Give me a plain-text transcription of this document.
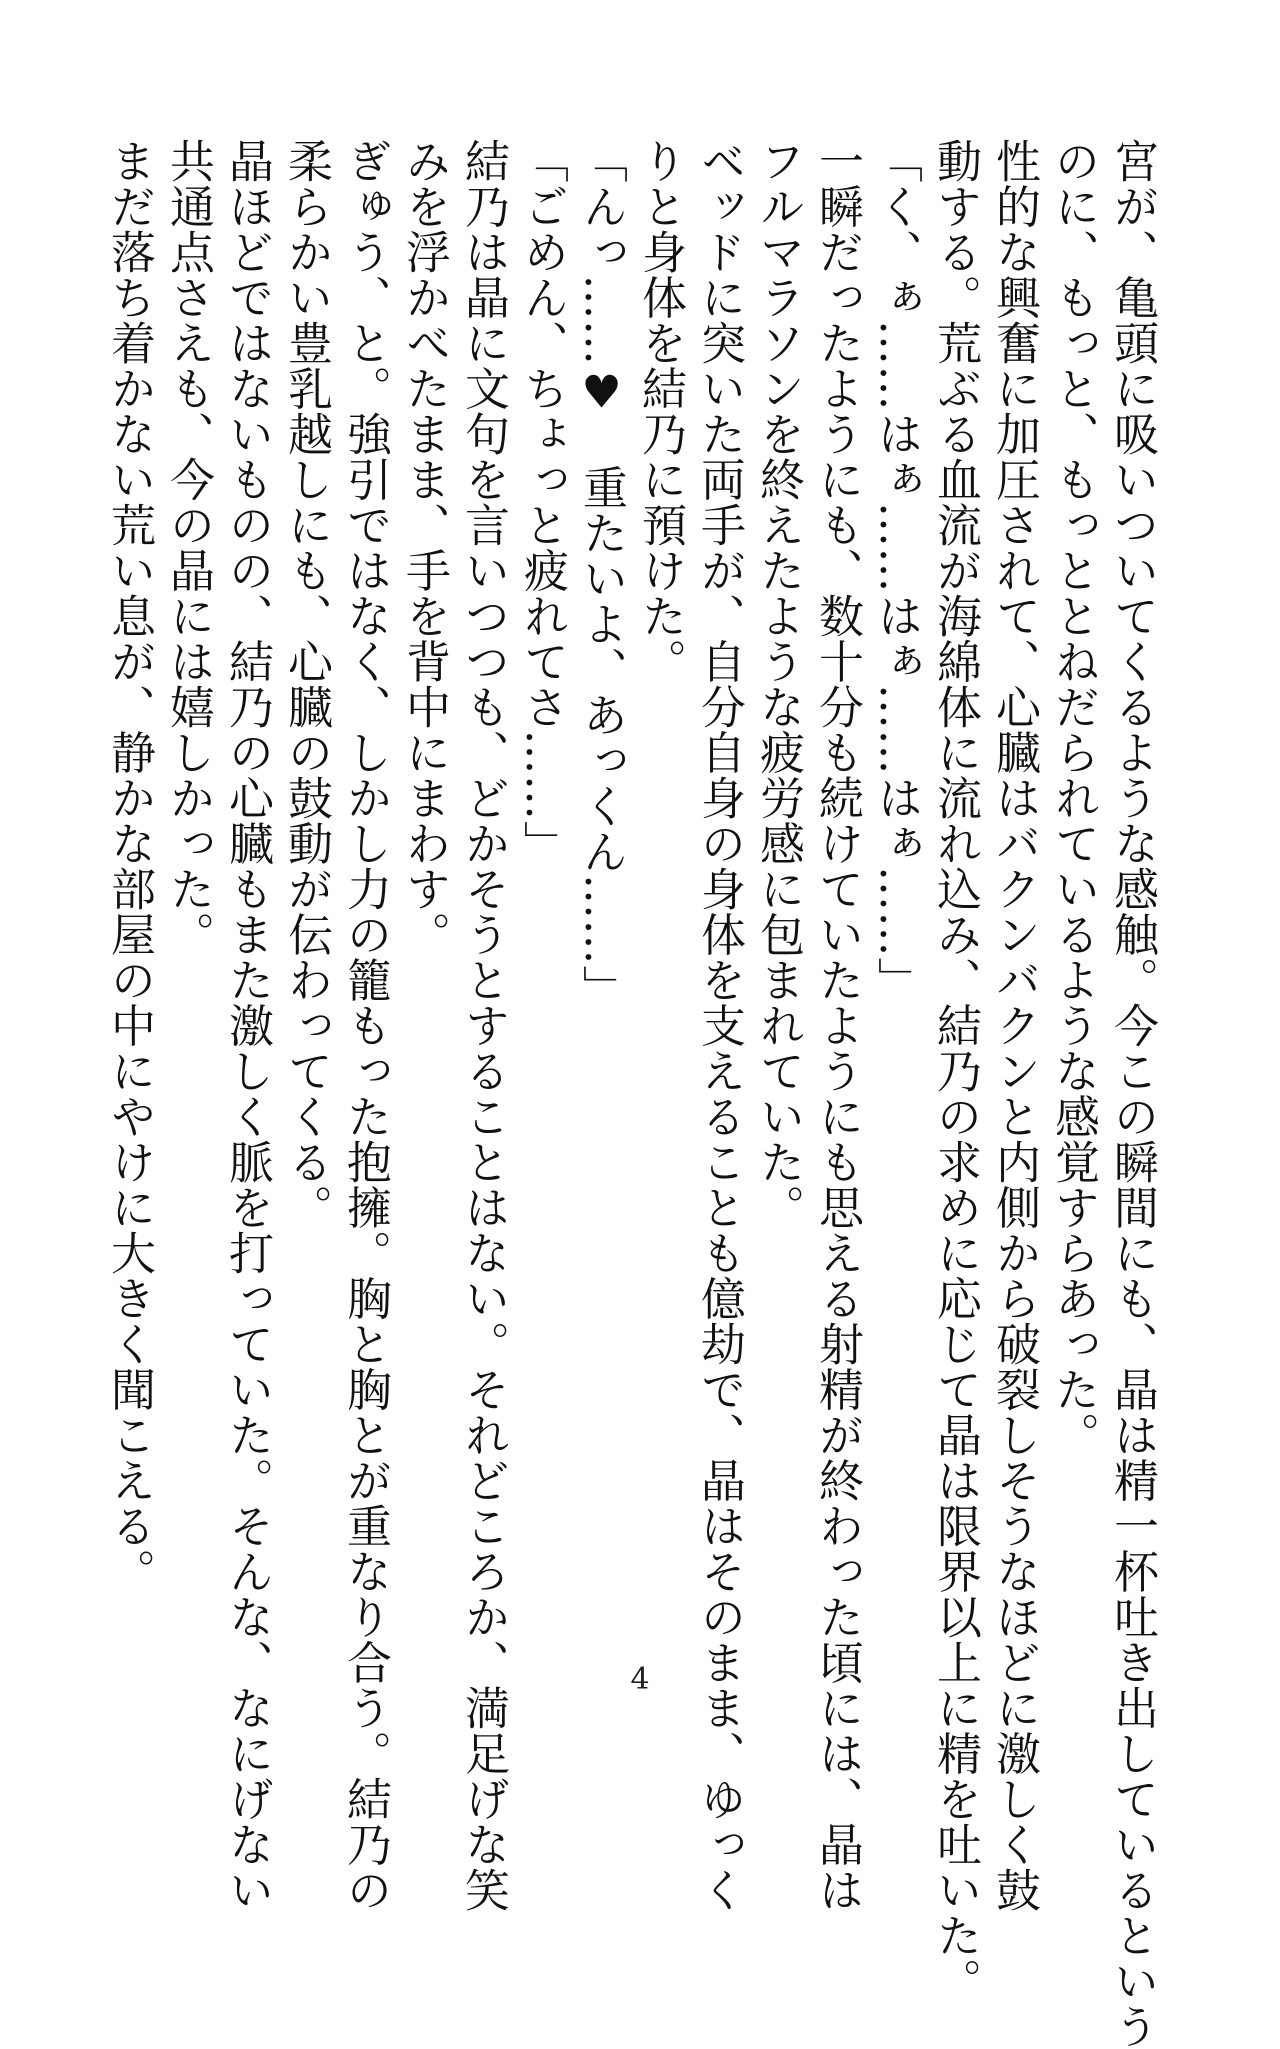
宮が、亀頭に吸いついてくるような感触。今この瞬間にも、晶は精一杯吐き出しているという
のに、もっと、もっととねだられているような感覚すらあった。
性的な興奮に加圧されて、心臓はバクンバクンと内側から破裂しそうなほどに激しく鼓
動する。荒ぶる血流が海綿体に流れ込み、結乃の求めに応じて晶は限界以上に精を吐いた。
「く、ぁ……はぁ……はぁ……はぁ……」
一瞬だったようにも、数十分も続けていたようにも思える射精が終わった頃には、晶は
フルマラソンを終えたような疲労感に包まれていた。
ベッドに突いた両手が、自分自身の身体を支えることも億劫で、晶はそのまま、ゆっく
りと身体を結乃に預けた。
「んっ……♥　重たいよ、あっくん……」
「ごめん、ちょっと疲れてさ……」
結乃は晶に文句を言いつつも、どかそうとすることはない。それどころか、満足げな笑
みを浮かべたまま、手を背中にまわす。
ぎゅう、と。強引ではなく、しかし力の籠もった抱擁。胸と胸とが重なり合う。結乃の
柔らかい豊乳越しにも、心臓の鼓動が伝わってくる。
晶ほどではないものの、結乃の心臓もまた激しく脈を打っていた。そんな、なにげない
共通点さえも、今の晶には嬉しかった。
まだ落ち着かない荒い息が、静かな部屋の中にやけに大きく聞こえる。
4
